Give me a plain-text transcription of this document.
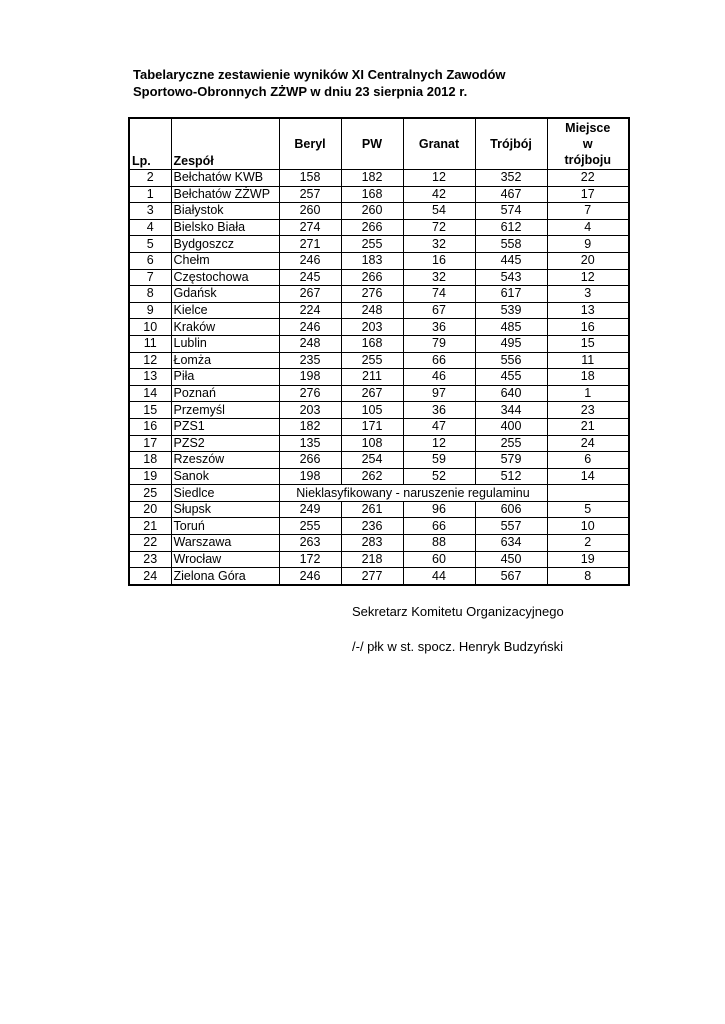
Tabelaryczne zestawienie wyników XI Centralnych Zawodów
Sportowo-Obronnych ZŻWP w dniu 23 sierpnia 2012 r.
Lp.	Zespół	Beryl	PW	Granat	Trójbój	Miejsce
w
trójboju

2	Bełchatów KWB	158	182	12	352	22
1	Bełchatów ZŻWP	257	168	42	467	17
3	Białystok	260	260	54	574	7
4	Bielsko Biała	274	266	72	612	4
5	Bydgoszcz	271	255	32	558	9
6	Chełm	246	183	16	445	20
7	Częstochowa	245	266	32	543	12
8	Gdańsk	267	276	74	617	3
9	Kielce	224	248	67	539	13
10	Kraków	246	203	36	485	16
11	Lublin	248	168	79	495	15
12	Łomża	235	255	66	556	11
13	Piła	198	211	46	455	18
14	Poznań	276	267	97	640	1
15	Przemyśl	203	105	36	344	23
16	PZS1	182	171	47	400	21
17	PZS2	135	108	12	255	24
18	Rzeszów	266	254	59	579	6
19	Sanok	198	262	52	512	14
25	Siedlce	Nieklasyfikowany - naruszenie regulaminu				
20	Słupsk	249	261	96	606	5
21	Toruń	255	236	66	557	10
22	Warszawa	263	283	88	634	2
23	Wrocław	172	218	60	450	19
24	Zielona Góra	246	277	44	567	8
Sekretarz Komitetu Organizacyjnego
/-/ płk w st. spocz. Henryk Budzyński
